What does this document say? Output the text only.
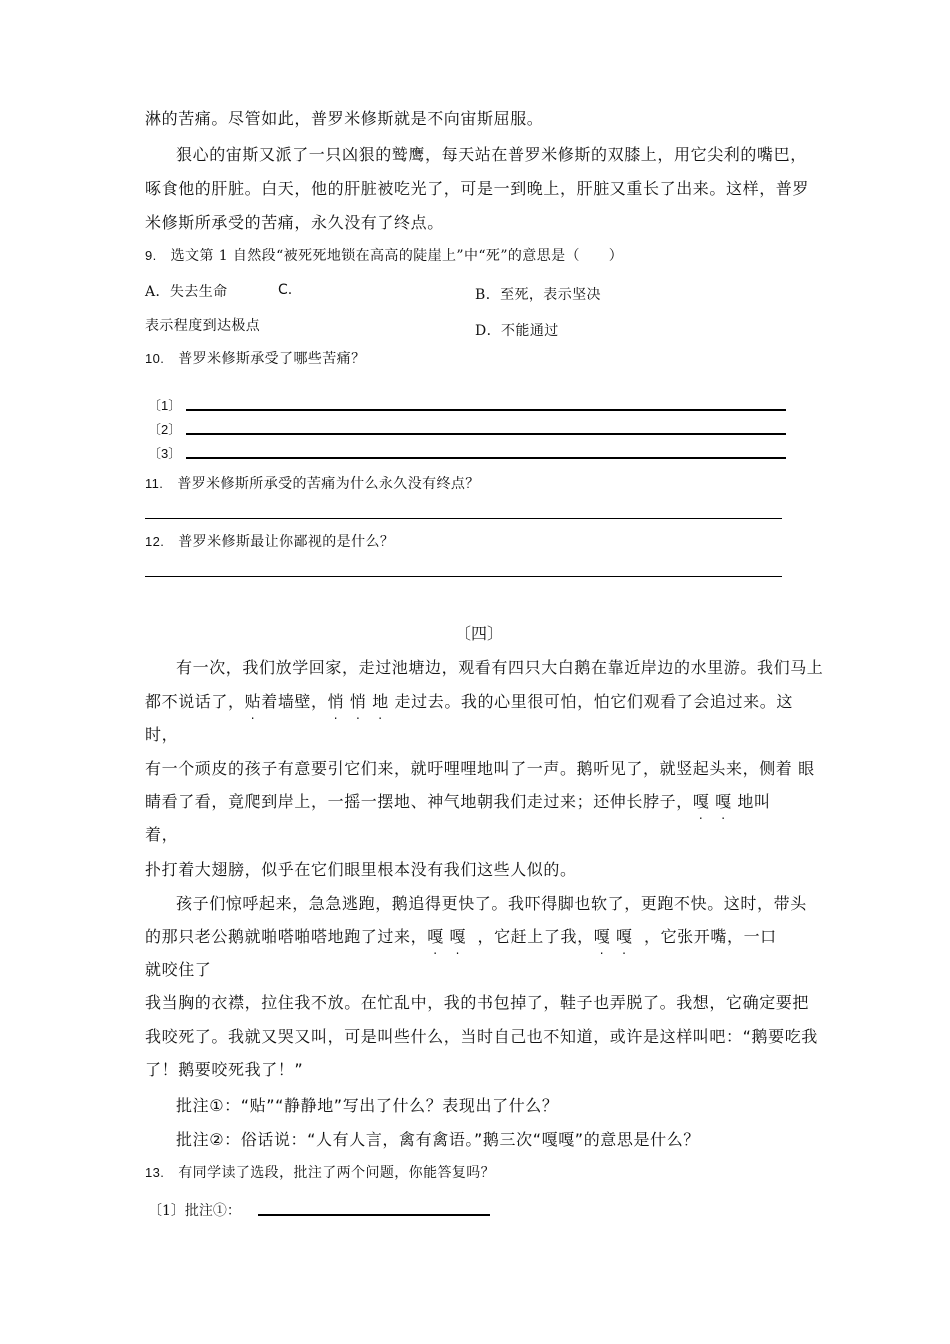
淋的苦痛。尽管如此，普罗米修斯就是不向宙斯屈服。
狠心的宙斯又派了一只凶狠的鹫鹰，每天站在普罗米修斯的双膝上，用它尖利的嘴巴，
啄食他的肝脏。白天，他的肝脏被吃光了，可是一到晚上，肝脏又重长了出来。这样，普罗
米修斯所承受的苦痛，永久没有了终点。
9. 选文第 1 自然段“被死死地锁在高高的陡崖上”中“死”的意思是（　　）
A．失去生命	C.	B．至死，表示坚决
表示程度到达极点	D．不能通过
10. 普罗米修斯承受了哪些苦痛？
〔1〕
〔2〕
〔3〕
11. 普罗米修斯所承受的苦痛为什么永久没有终点？
12. 普罗米修斯最让你鄙视的是什么？
〔四〕
有一次，我们放学回家，走过池塘边，观看有四只大白鹅在靠近岸边的水里游。我们马上
都不说话了，贴着墙壁，悄 悄 地 走过去。我的心里很可怕，怕它们观看了会追过来。这
时，
有一个顽皮的孩子有意要引它们来，就吁哩哩地叫了一声。鹅听见了，就竖起头来，侧着 眼
睛看了看，竟爬到岸上，一摇一摆地、神气地朝我们走过来；还伸长脖子，嘎 嘎 地叫
着，
扑打着大翅膀，似乎在它们眼里根本没有我们这些人似的。
孩子们惊呼起来，急急逃跑，鹅追得更快了。我吓得脚也软了，更跑不快。这时，带头
的那只老公鹅就啪嗒啪嗒地跑了过来，嘎 嘎 ，它赶上了我，嘎 嘎 ，它张开嘴，一口
就咬住了
我当胸的衣襟，拉住我不放。在忙乱中，我的书包掉了，鞋子也弄脱了。我想，它确定要把
我咬死了。我就又哭又叫，可是叫些什么，当时自己也不知道，或许是这样叫吧：“鹅要吃我
了！鹅要咬死我了！”
批注①：“贴”“静静地”写出了什么？表现出了什么？
批注②：俗话说：“人有人言，禽有禽语。”鹅三次“嘎嘎”的意思是什么？
13. 有同学读了选段，批注了两个问题，你能答复吗？
〔1〕批注①：
